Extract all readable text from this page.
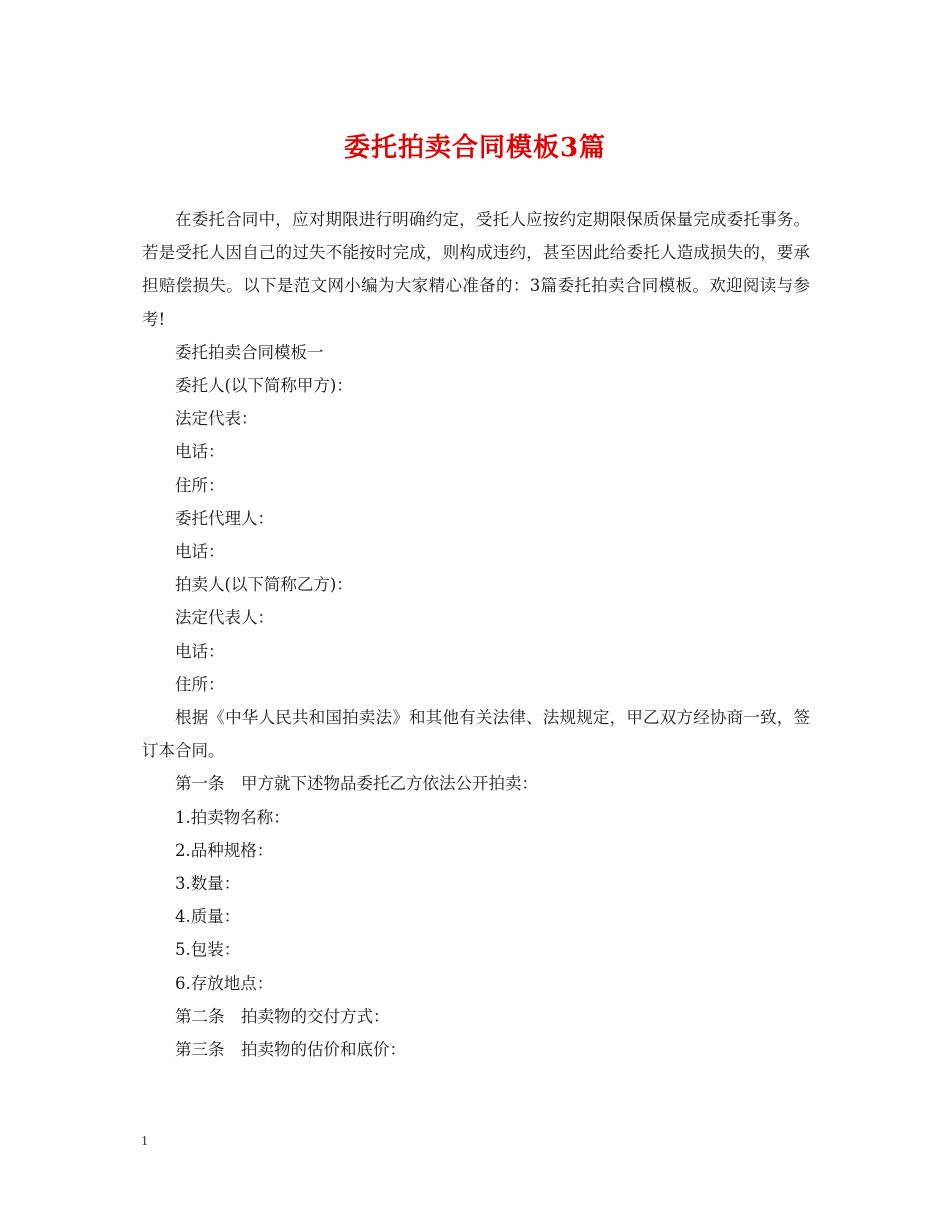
委托拍卖合同模板3篇

在委托合同中，应对期限进行明确约定，受托人应按约定期限保质保量完成委托事务。若是受托人因自己的过失不能按时完成，则构成违约，甚至因此给委托人造成损失的，要承担赔偿损失。以下是范文网小编为大家精心准备的：3篇委托拍卖合同模板。欢迎阅读与参考!

委托拍卖合同模板一

委托人(以下简称甲方)：

法定代表：

电话：

住所：

委托代理人：

电话：

拍卖人(以下简称乙方)：

法定代表人：

电话：

住所：

根据《中华人民共和国拍卖法》和其他有关法律、法规规定，甲乙双方经协商一致，签订本合同。

第一条　甲方就下述物品委托乙方依法公开拍卖：

1.拍卖物名称：

2.品种规格：

3.数量：

4.质量：

5.包装：

6.存放地点：

第二条　拍卖物的交付方式：

第三条　拍卖物的估价和底价：

1
